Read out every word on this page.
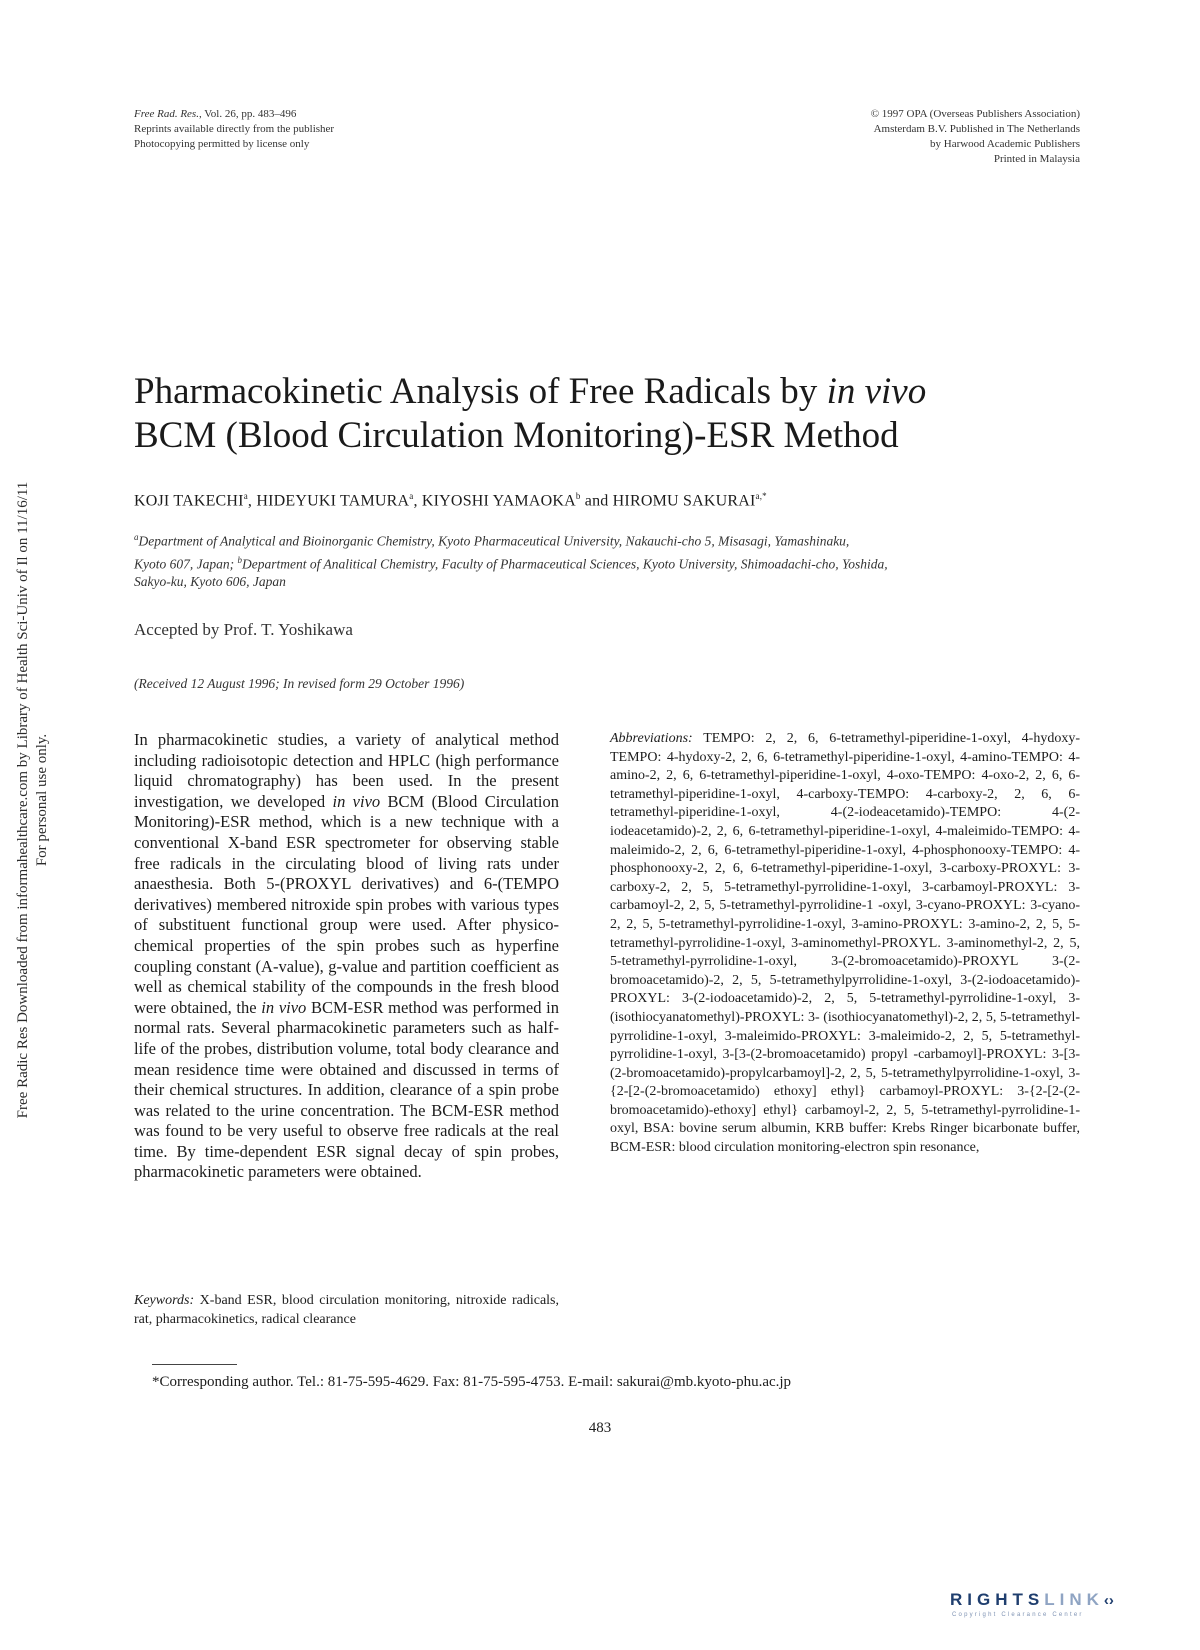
Free Radic Res Downloaded from informahealthcare.com by Library of Health Sci-Univ of Il on 11/16/11 For personal use only.
Free Rad. Res., Vol. 26, pp. 483–496
Reprints available directly from the publisher
Photocopying permitted by license only
© 1997 OPA (Overseas Publishers Association)
Amsterdam B.V. Published in The Netherlands
by Harwood Academic Publishers
Printed in Malaysia
Pharmacokinetic Analysis of Free Radicals by in vivo
BCM (Blood Circulation Monitoring)-ESR Method
KOJI TAKECHI$^a$, HIDEYUKI TAMURA$^a$, KIYOSHI YAMAOKA$^b$ and HIROMU $SAKURAI^{a,*}$
$^a$Department of Analytical and Bioinorganic Chemistry, Kyoto Pharmaceutical University, Nakauchi-cho 5, Misasagi, Yamashinaku,
Kyoto 607, Japan; $^b$Department of Analitical Chemistry, Faculty of Pharmaceutical Sciences, Kyoto University, Shimoadachi-cho, Yoshida,
Sakyo-ku, Kyoto 606, Japan
Accepted by Prof. T. Yoshikawa
(Received 12 August 1996; In revised form 29 October 1996)
In pharmacokinetic studies, a variety of analytical method including radioisotopic detection and HPLC (high performance liquid chromatography) has been used. In the present investigation, we developed in vivo BCM (Blood Circulation Monitoring)-ESR method, which is a new technique with a conventional X-band ESR spectrometer for observing stable free radicals in the circulating blood of living rats under anaesthesia. Both 5-(PROXYL derivatives) and 6-(TEMPO derivatives) membered nitroxide spin probes with various types of substituent functional group were used. After physico-chemical properties of the spin probes such as hyperfine coupling constant (A-value), g-value and partition coefficient as well as chemical stability of the compounds in the fresh blood were obtained, the in vivo BCM-ESR method was performed in normal rats. Several pharmacokinetic parameters such as half-life of the probes, distribution volume, total body clearance and mean residence time were obtained and discussed in terms of their chemical structures. In addition, clearance of a spin probe was related to the urine concentration. The BCM-ESR method was found to be very useful to observe free radicals at the real time. By time-dependent ESR signal decay of spin probes, pharmacokinetic parameters were obtained.
Keywords: X-band ESR, blood circulation monitoring, nitroxide radicals, rat, pharmacokinetics, radical clearance
Abbreviations: TEMPO: 2, 2, 6, 6-tetramethyl-piperidine-1-oxyl, 4-hydoxy-TEMPO: 4-hydoxy-2, 2, 6, 6-tetramethyl-piperidine-1-oxyl, 4-amino-TEMPO: 4-amino-2, 2, 6, 6-tetramethyl-piperidine-1-oxyl, 4-oxo-TEMPO: 4-oxo-2, 2, 6, 6-tetramethyl-piperidine-1-oxyl, 4-carboxy-TEMPO: 4-carboxy-2, 2, 6, 6-tetramethyl-piperidine-1-oxyl, 4-(2-iodeacetamido)-TEMPO: 4-(2-iodeacetamido)-2, 2, 6, 6-tetramethyl-piperidine-1-oxyl, 4-maleimido-TEMPO: 4-maleimido-2, 2, 6, 6-tetramethyl-piperidine-1-oxyl, 4-phosphonooxy-TEMPO: 4-phosphonooxy-2, 2, 6, 6-tetramethyl-piperidine-1-oxyl, 3-carboxy-PROXYL: 3-carboxy-2, 2, 5, 5-tetramethyl-pyrrolidine-1-oxyl, 3-carbamoyl-PROXYL: 3-carbamoyl-2, 2, 5, 5-tetramethyl-pyrrolidine-1 -oxyl, 3-cyano-PROXYL: 3-cyano-2, 2, 5, 5-tetramethyl-pyrrolidine-1-oxyl, 3-amino-PROXYL: 3-amino-2, 2, 5, 5-tetramethyl-pyrrolidine-1-oxyl, 3-aminomethyl-PROXYL. 3-aminomethyl-2, 2, 5, 5-tetramethyl-pyrrolidine-1-oxyl, 3-(2-bromoacetamido)-PROXYL 3-(2-bromoacetamido)-2, 2, 5, 5-tetramethylpyrrolidine-1-oxyl, 3-(2-iodoacetamido)-PROXYL: 3-(2-iodoacetamido)-2, 2, 5, 5-tetramethyl-pyrrolidine-1-oxyl, 3-(isothiocyanatomethyl)-PROXYL: 3- (isothiocyanatomethyl)-2, 2, 5, 5-tetramethyl-pyrrolidine-1-oxyl, 3-maleimido-PROXYL: 3-maleimido-2, 2, 5, 5-tetramethyl-pyrrolidine-1-oxyl, 3-[3-(2-bromoacetamido) propyl -carbamoyl]-PROXYL: 3-[3-(2-bromoacetamido)-propylcarbamoyl]-2, 2, 5, 5-tetramethylpyrrolidine-1-oxyl, 3-{2-[2-(2-bromoacetamido) ethoxy] ethyl} carbamoyl-PROXYL: 3-{2-[2-(2-bromoacetamido)-ethoxy] ethyl} carbamoyl-2, 2, 5, 5-tetramethyl-pyrrolidine-1-oxyl, BSA: bovine serum albumin, KRB buffer: Krebs Ringer bicarbonate buffer, BCM-ESR: blood circulation monitoring-electron spin resonance,
*Corresponding author. Tel.: 81-75-595-4629. Fax: 81-75-595-4753. E-mail: sakurai@mb.kyoto-phu.ac.jp
483
RIGHTSLINK‹›
Copyright Clearance Center
